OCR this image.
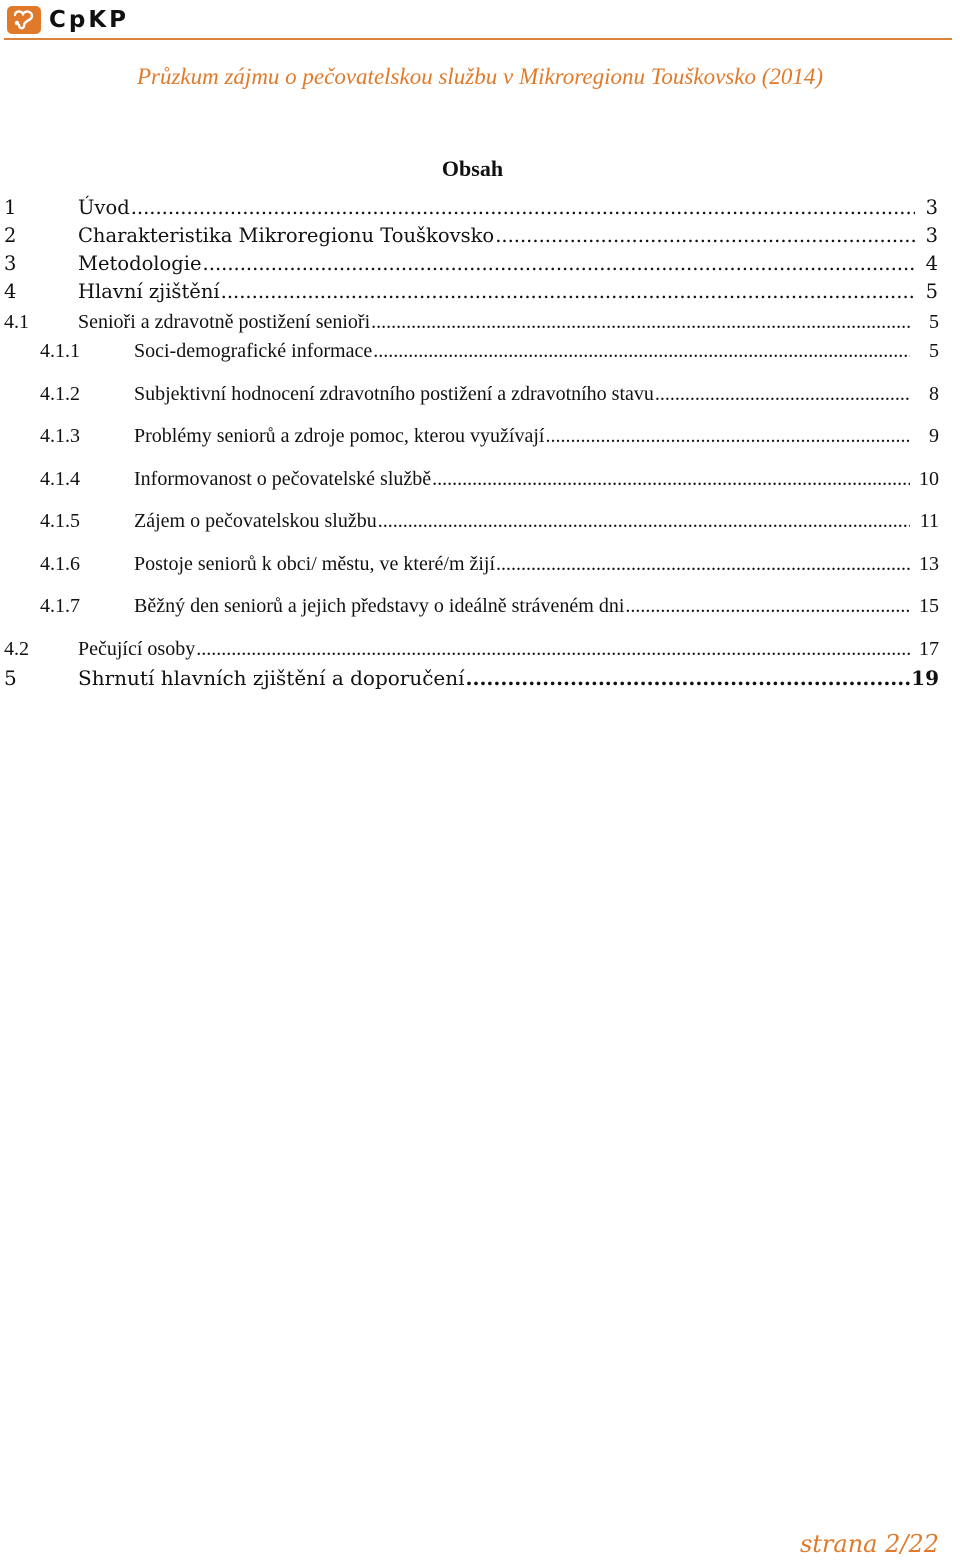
CpKP
Průzkum zájmu o pečovatelskou službu v Mikroregionu Touškovsko (2014)
Obsah
1	Úvod .....	3
2	Charakteristika Mikroregionu Touškovsko .....	3
3	Metodologie .....	4
4	Hlavní zjištění .....	5
4.1	Senioři a zdravotně postižení senioři .....	5
4.1.1	Soci-demografické informace .....	5
4.1.2	Subjektivní hodnocení zdravotního postižení a zdravotního stavu .....	8
4.1.3	Problémy seniorů a zdroje pomoc, kterou využívají .....	9
4.1.4	Informovanost o pečovatelské službě .....	10
4.1.5	Zájem o pečovatelskou službu .....	11
4.1.6	Postoje seniorů k obci/ městu, ve které/m žijí .....	13
4.1.7	Běžný den seniorů a jejich představy o ideálně stráveném dni .....	15
4.2	Pečující osoby .....	17
5	Shrnutí hlavních zjištění a doporučení .....	19
strana 2/22
